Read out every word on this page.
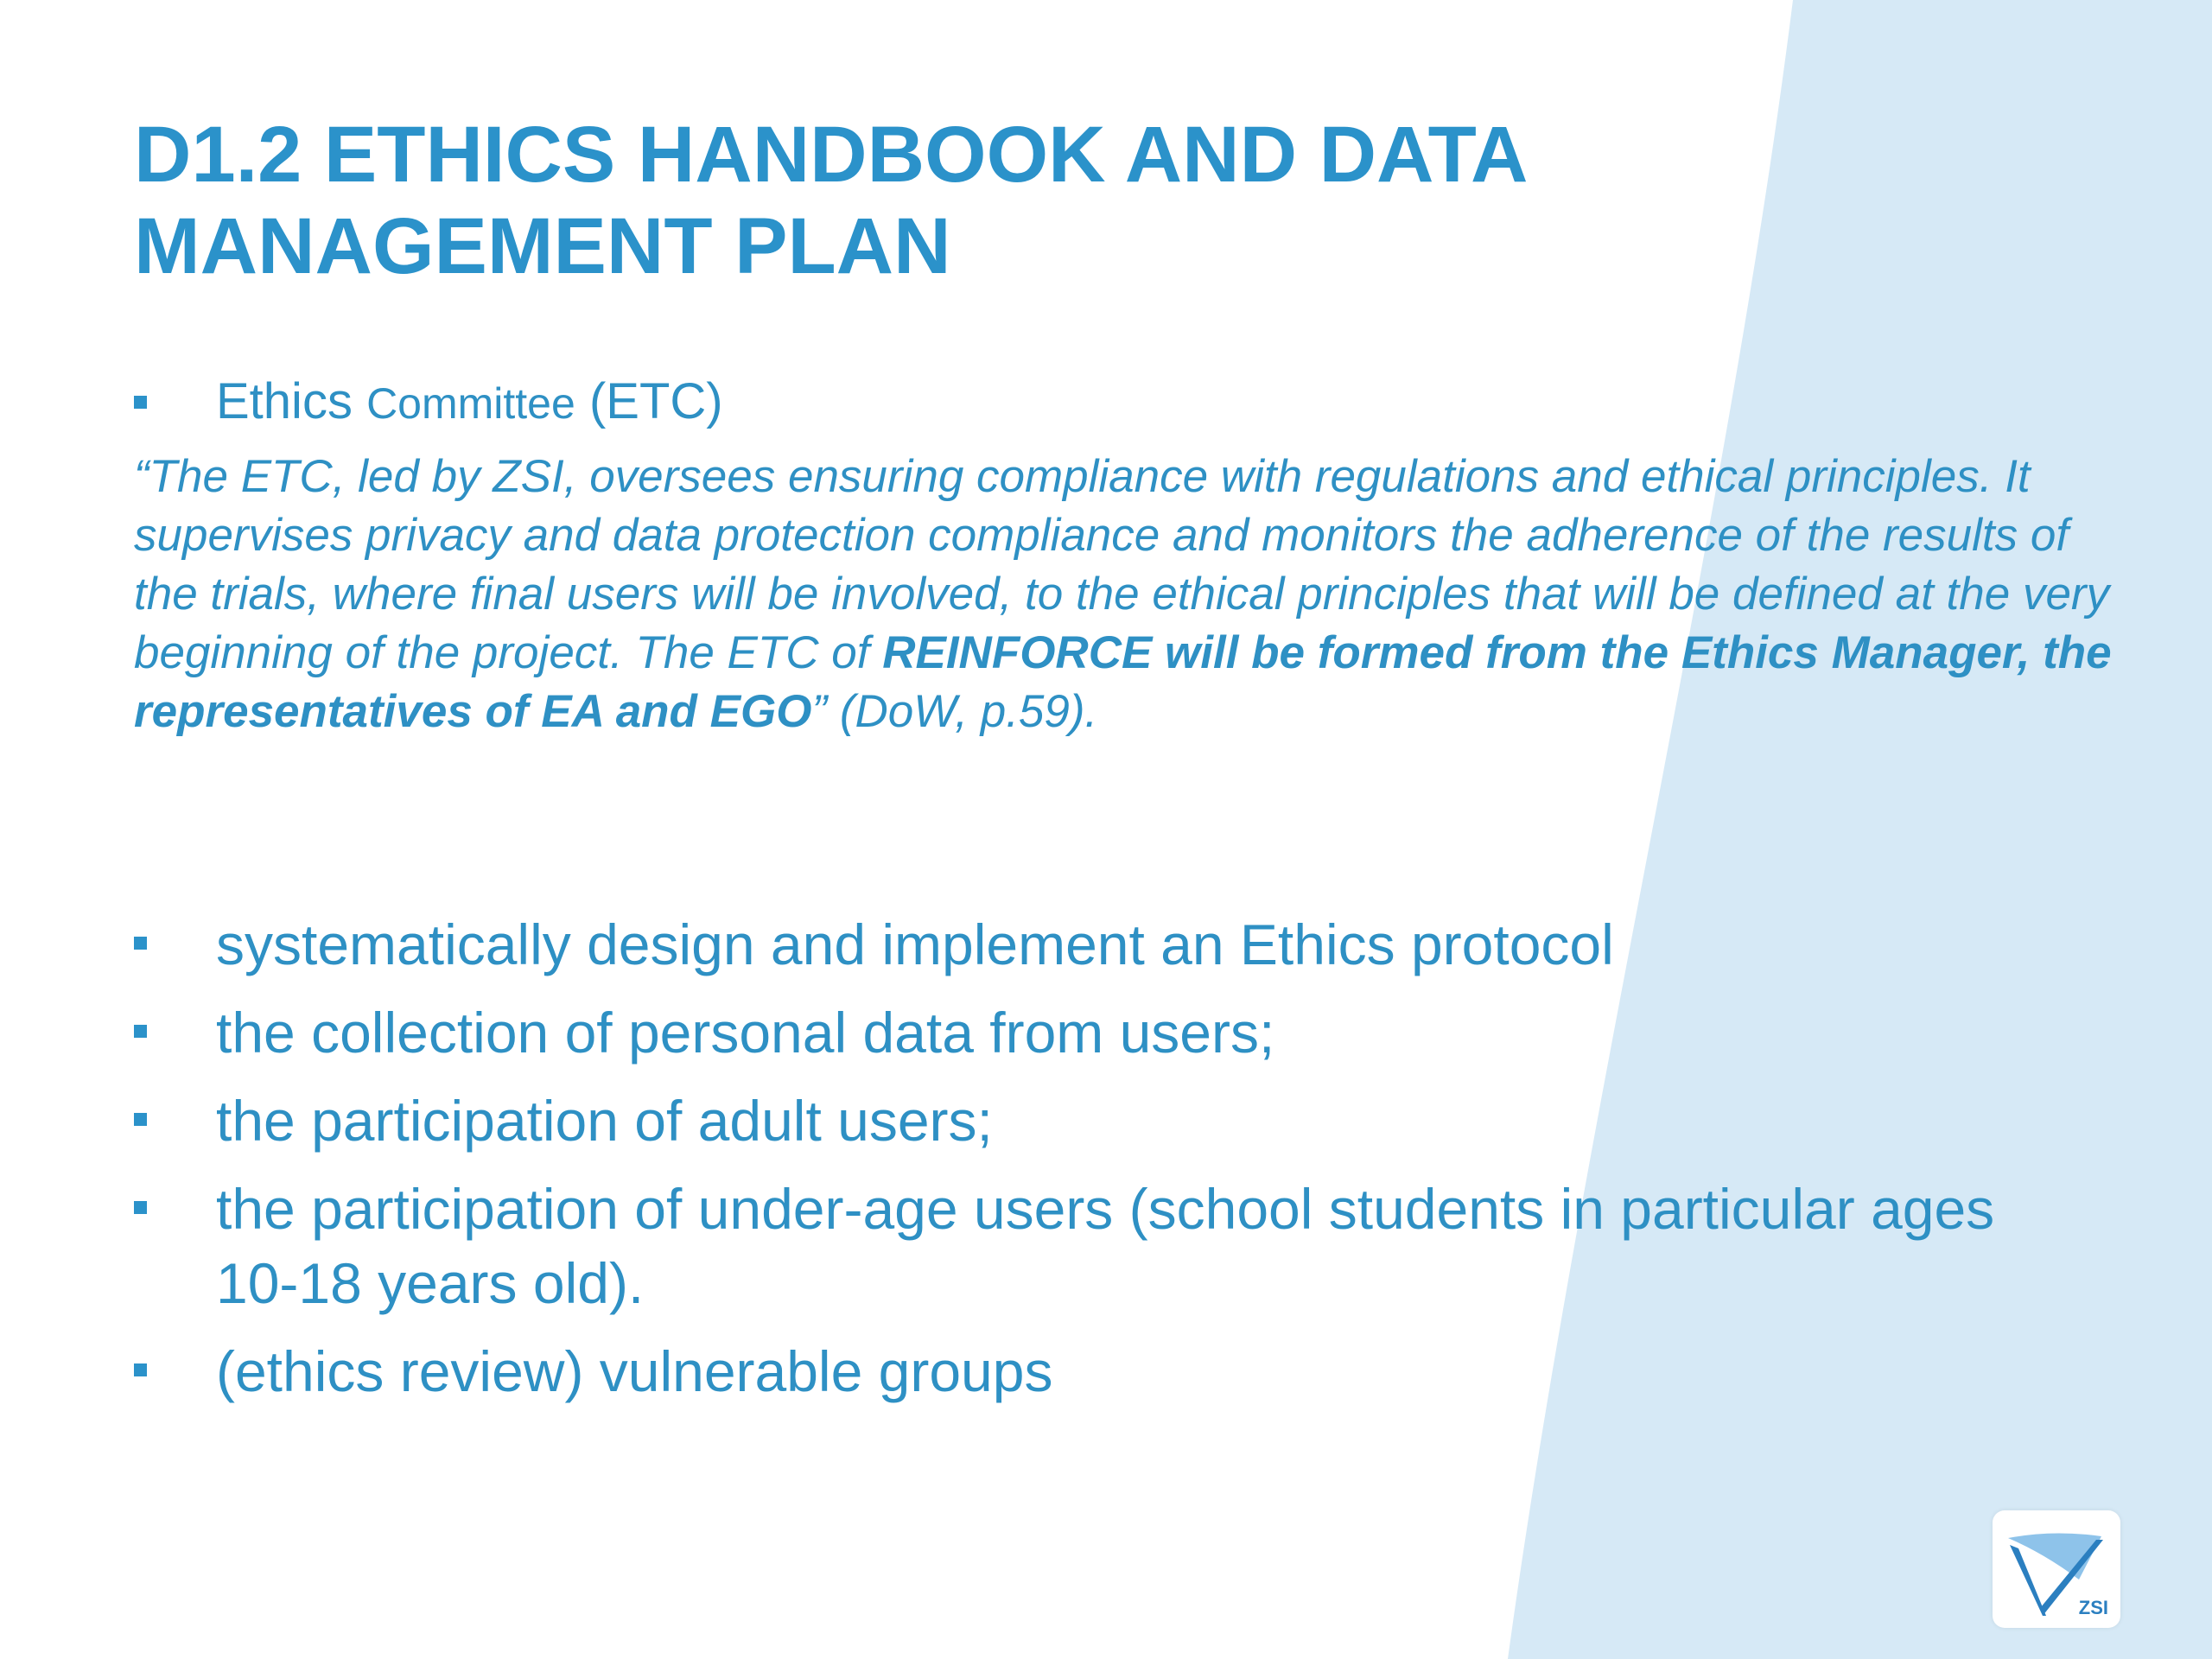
D1.2 ETHICS HANDBOOK AND DATA MANAGEMENT PLAN

Ethics Committee (ETC)

“The ETC, led by ZSI, oversees ensuring compliance with regulations and ethical principles. It supervises privacy and data protection compliance and monitors the adherence of the results of the trials, where final users will be involved, to the ethical principles that will be defined at the very beginning of the project. The ETC of REINFORCE will be formed from the Ethics Manager, the representatives of EA and EGO” (DoW, p.59).

systematically design and implement an Ethics protocol
the collection of personal data from users;
the participation of adult users;
the participation of under-age users (school students in particular ages 10-18 years old).
(ethics review) vulnerable groups
ZSI
